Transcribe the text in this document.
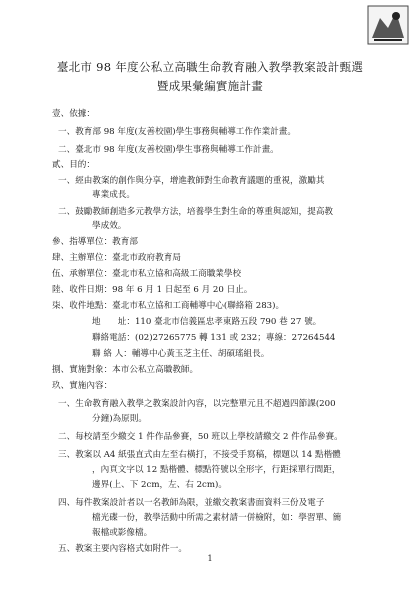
臺北市 98 年度公私立高職生命教育融入教學教案設計甄選
暨成果彙編實施計畫
壹、依據：
一、教育部 98 年度(友善校園)學生事務與輔導工作作業計畫。
二、臺北市 98 年度(友善校園)學生事務與輔導工作計畫。
貳、目的：
一、經由教案的創作與分享，增進教師對生命教育議題的重視，激勵其
專業成長。
二、鼓勵教師創造多元教學方法，培養學生對生命的尊重與認知，提高教
學成效。
參、指導單位：教育部
肆、主辦單位：臺北市政府教育局
伍、承辦單位：臺北市私立協和高級工商職業學校
陸、收件日期：98 年 6 月 1 日起至 6 月 20 日止。
柒、收件地點：臺北市私立協和工商輔導中心(聯絡箱 283)。
地　　址：110 臺北市信義區忠孝東路五段 790 巷 27 號。
聯絡電話：(02)27265775 轉 131 或 232；專線：27264544
聯 絡 人：輔導中心黃玉芝主任、胡碩瑤組長。
捌、實施對象：本市公私立高職教師。
玖、實施內容：
一、生命教育融入教學之教案設計內容，以完整單元且不超過四節課(200
分鐘)為原則。
二、每校請至少繳交 1 件作品參賽，50 班以上學校請繳交 2 件作品參賽。
三、教案以 A4 紙張直式由左至右橫打，不接受手寫稿，標題以 14 點楷體
，內頁文字以 12 點楷體、標點符號以全形字，行距採單行間距，
邊界(上、下 2cm，左、右 2cm)。
四、每件教案設計者以一名教師為限，並繳交教案書面資料三份及電子
檔光碟一份，教學活動中所需之素材請一併檢附，如：學習單、簡
報檔或影像檔。
五、教案主要內容格式如附件一。
1
